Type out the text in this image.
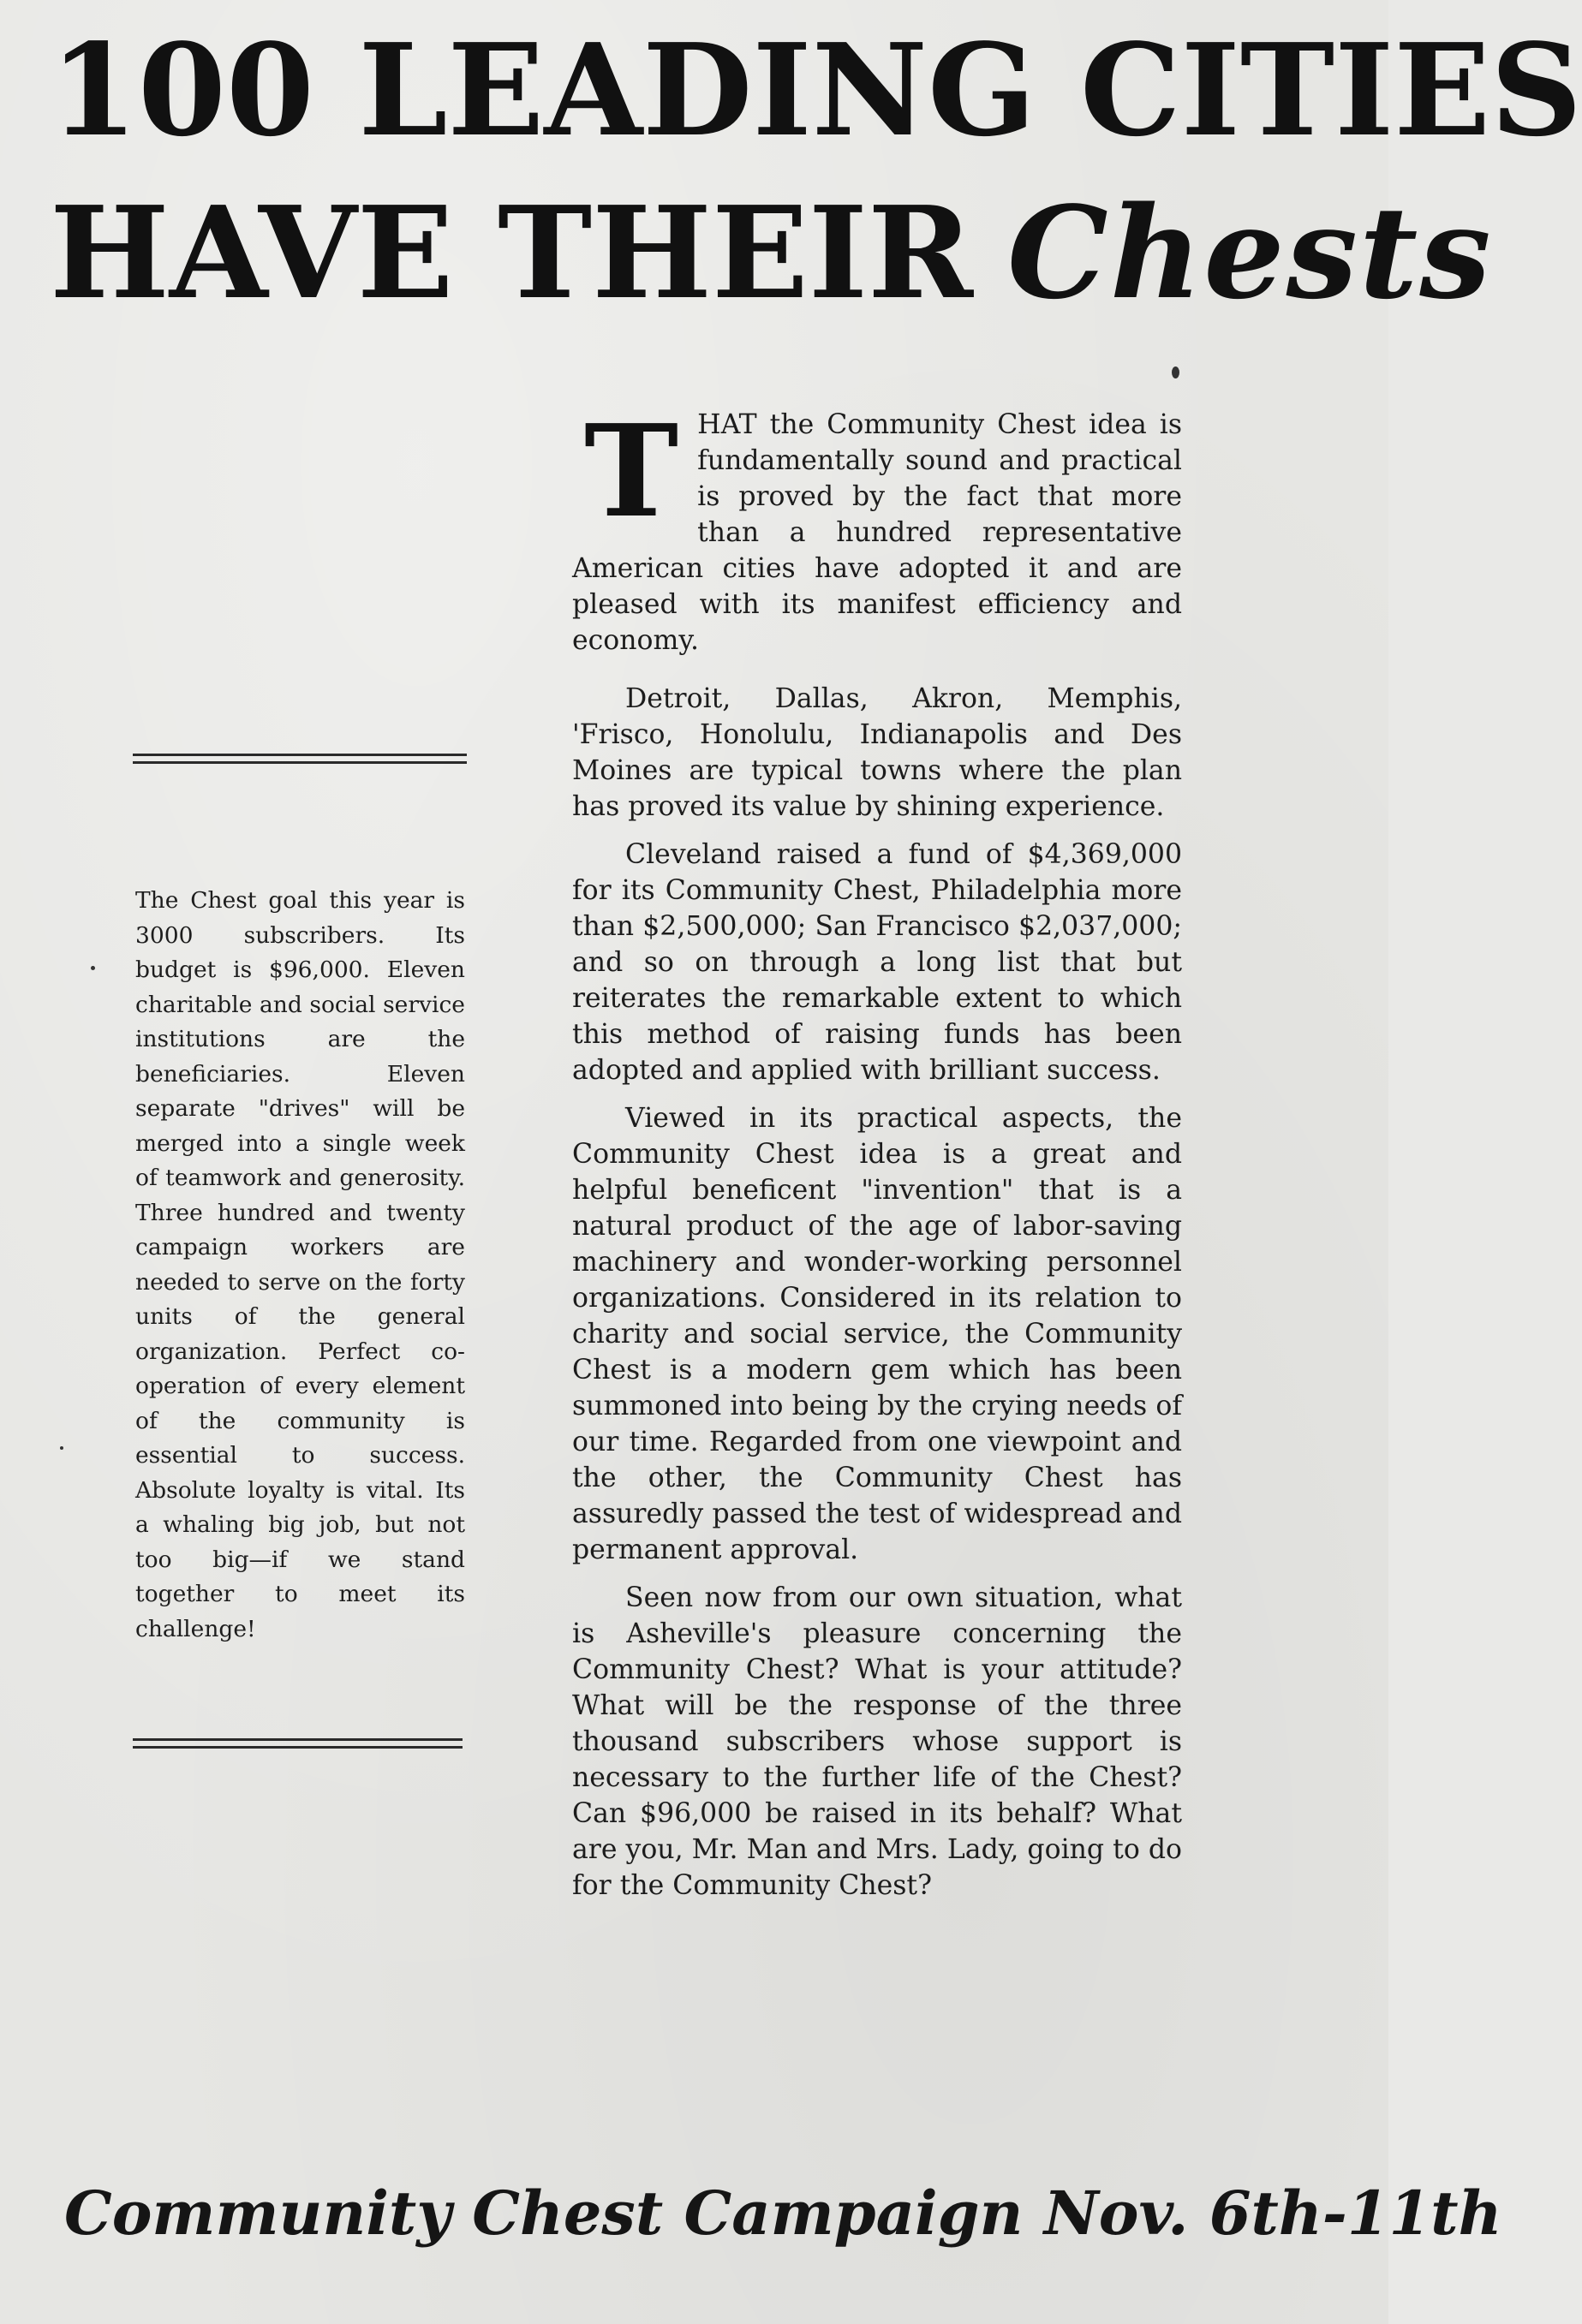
100 LEADING CITIES
HAVE THEIR Chests
The Chest goal this year is 3000 subscribers. Its budget is $96,000. Eleven charitable and social service institutions are the beneficiaries. Eleven separate "drives" will be merged into a single week of teamwork and generosity. Three hundred and twenty campaign workers are needed to serve on the forty units of the general organization. Perfect co-operation of every element of the community is essential to success. Absolute loyalty is vital. Its a whaling big job, but not too big—if we stand together to meet its challenge!

THAT the Community Chest idea is fundamentally sound and practical is proved by the fact that more than a hundred representative American cities have adopted it and are pleased with its manifest efficiency and economy.

Detroit, Dallas, Akron, Memphis, 'Frisco, Honolulu, Indianapolis and Des Moines are typical towns where the plan has proved its value by shining experience.

Cleveland raised a fund of $4,369,000 for its Community Chest, Philadelphia more than $2,500,000; San Francisco $2,037,000; and so on through a long list that but reiterates the remarkable extent to which this method of raising funds has been adopted and applied with brilliant success.

Viewed in its practical aspects, the Community Chest idea is a great and helpful beneficent "invention" that is a natural product of the age of labor-saving machinery and wonder-working personnel organizations. Considered in its relation to charity and social service, the Community Chest is a modern gem which has been summoned into being by the crying needs of our time. Regarded from one viewpoint and the other, the Community Chest has assuredly passed the test of widespread and permanent approval.

Seen now from our own situation, what is Asheville's pleasure concerning the Community Chest? What is your attitude? What will be the response of the three thousand subscribers whose support is necessary to the further life of the Chest? Can $96,000 be raised in its behalf? What are you, Mr. Man and Mrs. Lady, going to do for the Community Chest?

Community Chest Campaign Nov. 6th-11th
